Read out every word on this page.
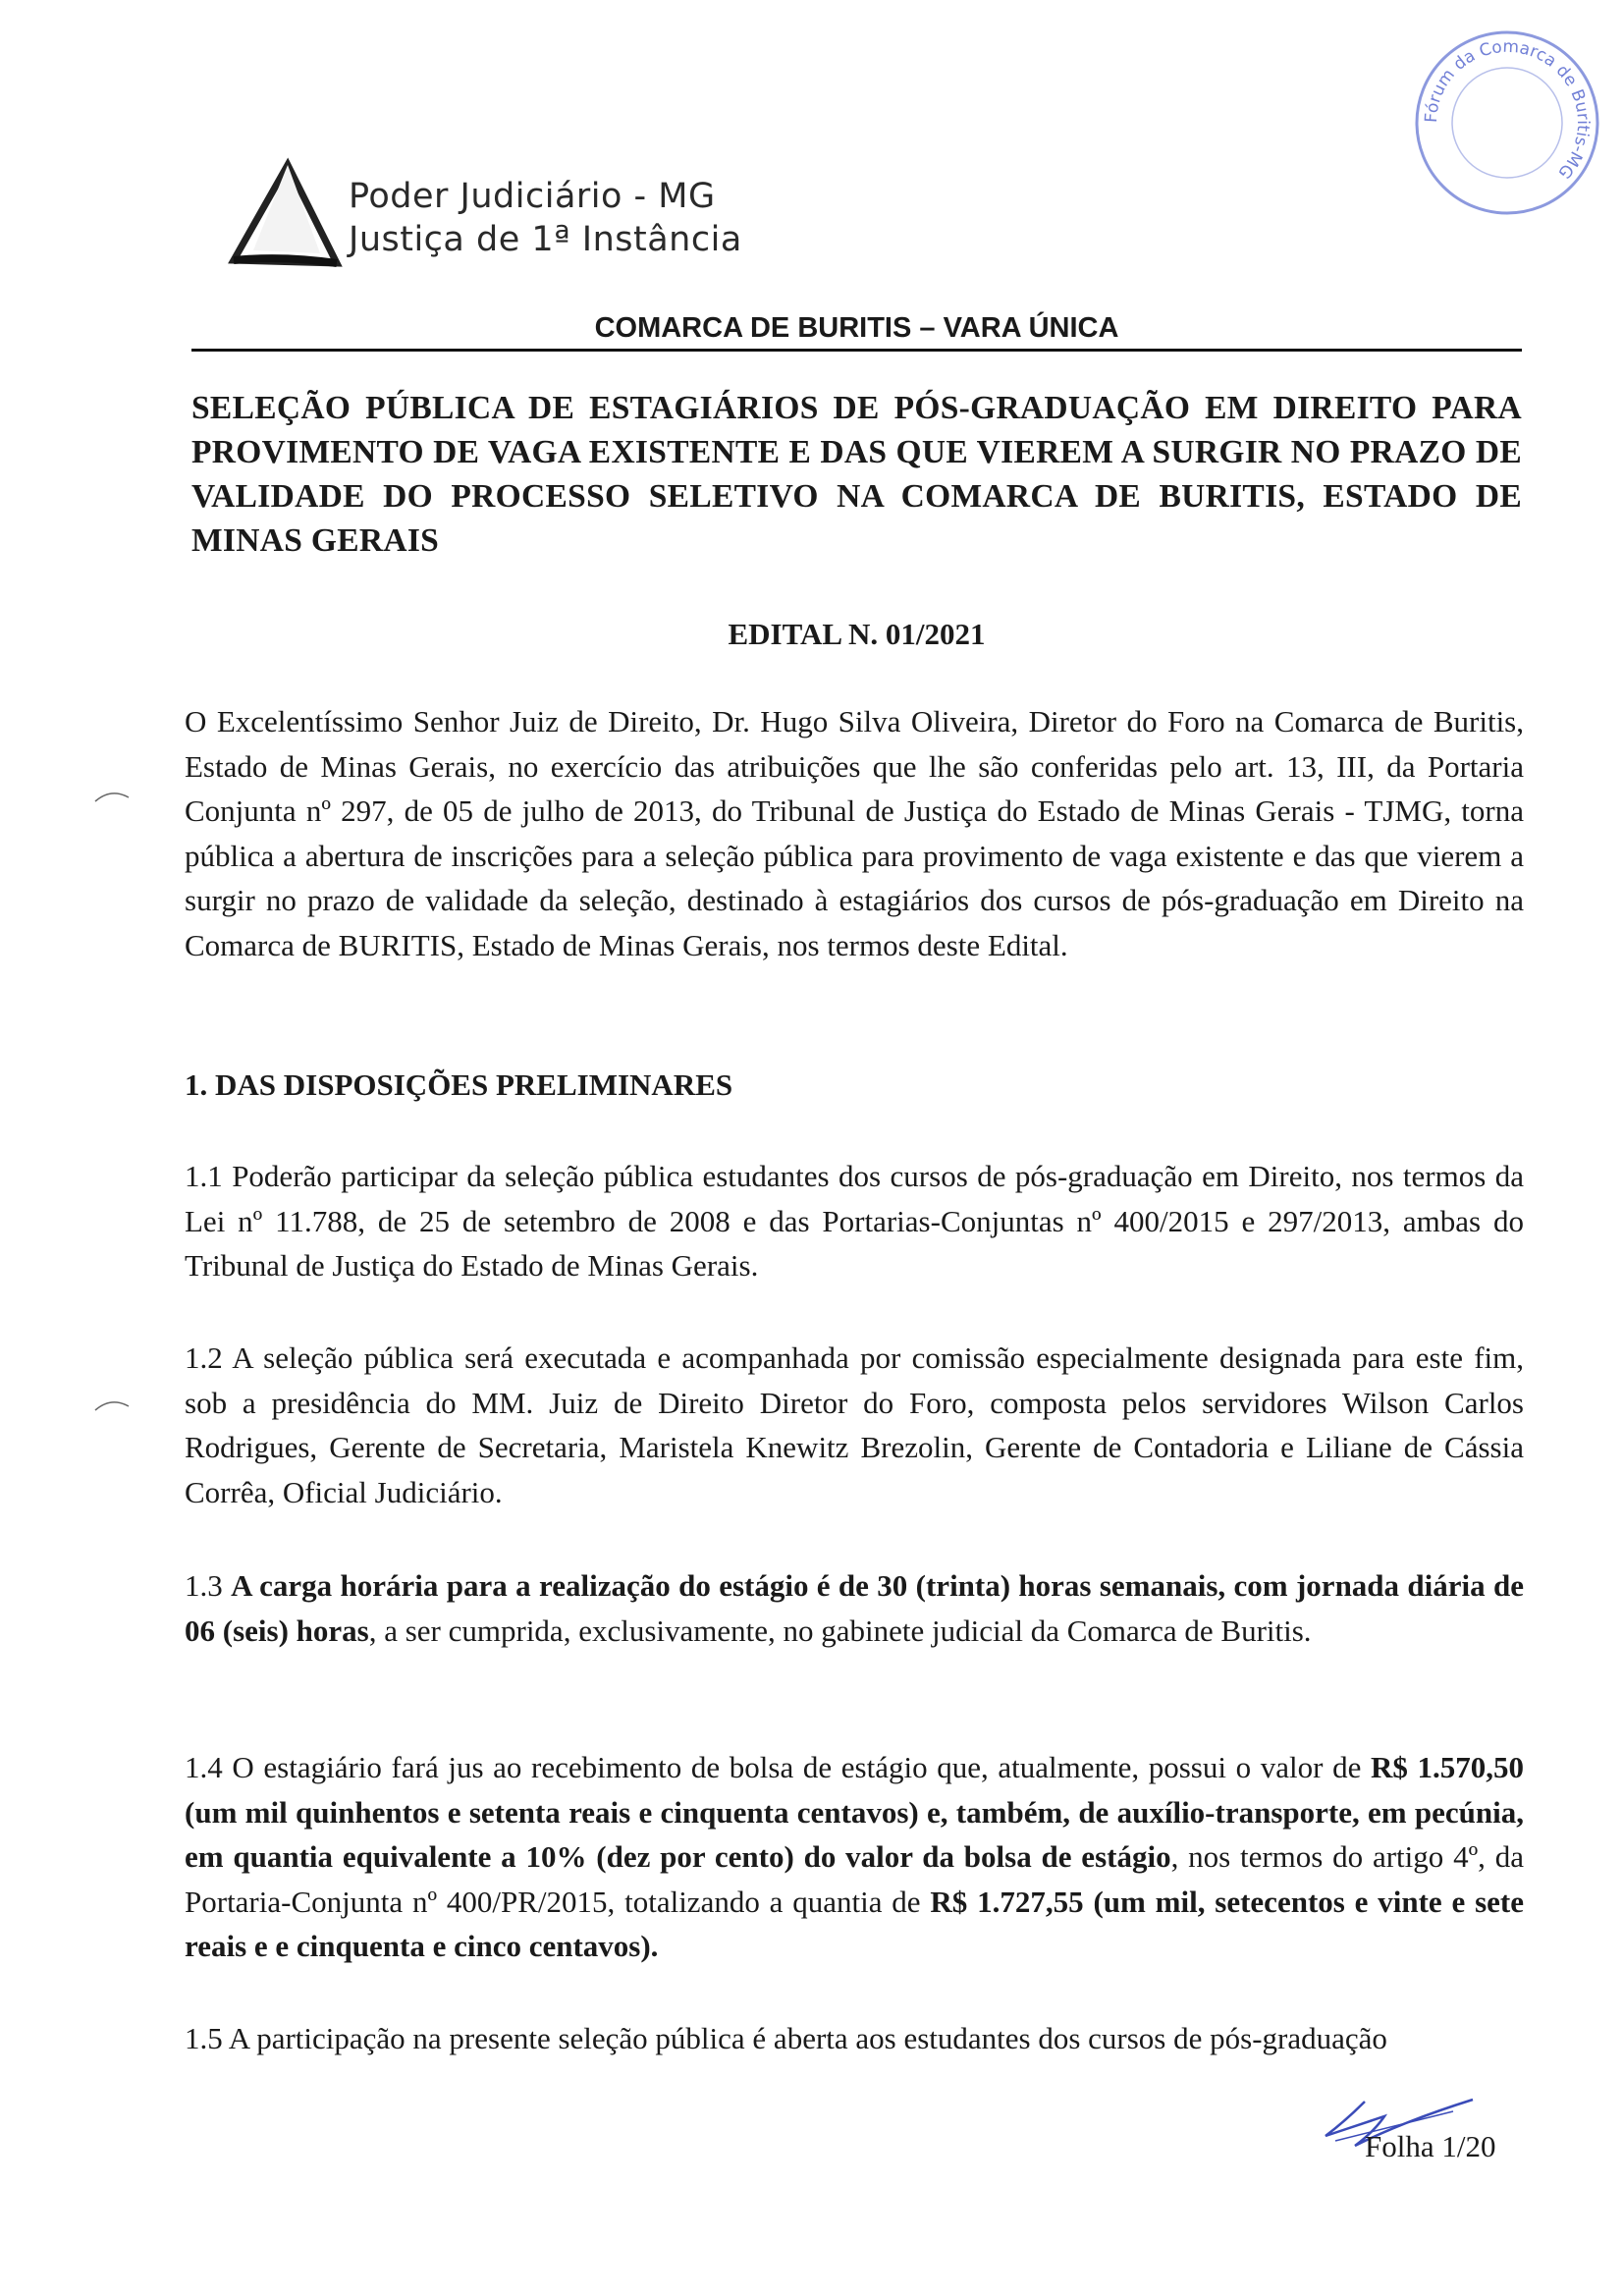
Poder Judiciário - MG
Justiça de 1ª Instância
Fórum da Comarca de Buritis-MG
COMARCA DE BURITIS – VARA ÚNICA
SELEÇÃO PÚBLICA DE ESTAGIÁRIOS DE PÓS-GRADUAÇÃO EM DIREITO PARA PROVIMENTO DE VAGA EXISTENTE E DAS QUE VIEREM A SURGIR NO PRAZO DE VALIDADE DO PROCESSO SELETIVO NA COMARCA DE BURITIS, ESTADO DE MINAS GERAIS
EDITAL N. 01/2021
O Excelentíssimo Senhor Juiz de Direito, Dr. Hugo Silva Oliveira, Diretor do Foro na Comarca de Buritis, Estado de Minas Gerais, no exercício das atribuições que lhe são conferidas pelo art. 13, III, da Portaria Conjunta nº 297, de 05 de julho de 2013, do Tribunal de Justiça do Estado de Minas Gerais - TJMG, torna pública a abertura de inscrições para a seleção pública para provimento de vaga existente e das que vierem a surgir no prazo de validade da seleção, destinado à estagiários dos cursos de pós-graduação em Direito na Comarca de BURITIS, Estado de Minas Gerais, nos termos deste Edital.
1. DAS DISPOSIÇÕES PRELIMINARES
1.1 Poderão participar da seleção pública estudantes dos cursos de pós-graduação em Direito, nos termos da Lei nº 11.788, de 25 de setembro de 2008 e das Portarias-Conjuntas nº 400/2015 e 297/2013, ambas do Tribunal de Justiça do Estado de Minas Gerais.
1.2 A seleção pública será executada e acompanhada por comissão especialmente designada para este fim, sob a presidência do MM. Juiz de Direito Diretor do Foro, composta pelos servidores Wilson Carlos Rodrigues, Gerente de Secretaria, Maristela Knewitz Brezolin, Gerente de Contadoria e Liliane de Cássia Corrêa, Oficial Judiciário.
1.3 A carga horária para a realização do estágio é de 30 (trinta) horas semanais, com jornada diária de 06 (seis) horas, a ser cumprida, exclusivamente, no gabinete judicial da Comarca de Buritis.
1.4 O estagiário fará jus ao recebimento de bolsa de estágio que, atualmente, possui o valor de R$ 1.570,50 (um mil quinhentos e setenta reais e cinquenta centavos) e, também, de auxílio-transporte, em pecúnia, em quantia equivalente a 10% (dez por cento) do valor da bolsa de estágio, nos termos do artigo 4º, da Portaria-Conjunta nº 400/PR/2015, totalizando a quantia de R$ 1.727,55 (um mil, setecentos e vinte e sete reais e e cinquenta e cinco centavos).
1.5 A participação na presente seleção pública é aberta aos estudantes dos cursos de pós-graduação
Folha 1/20
